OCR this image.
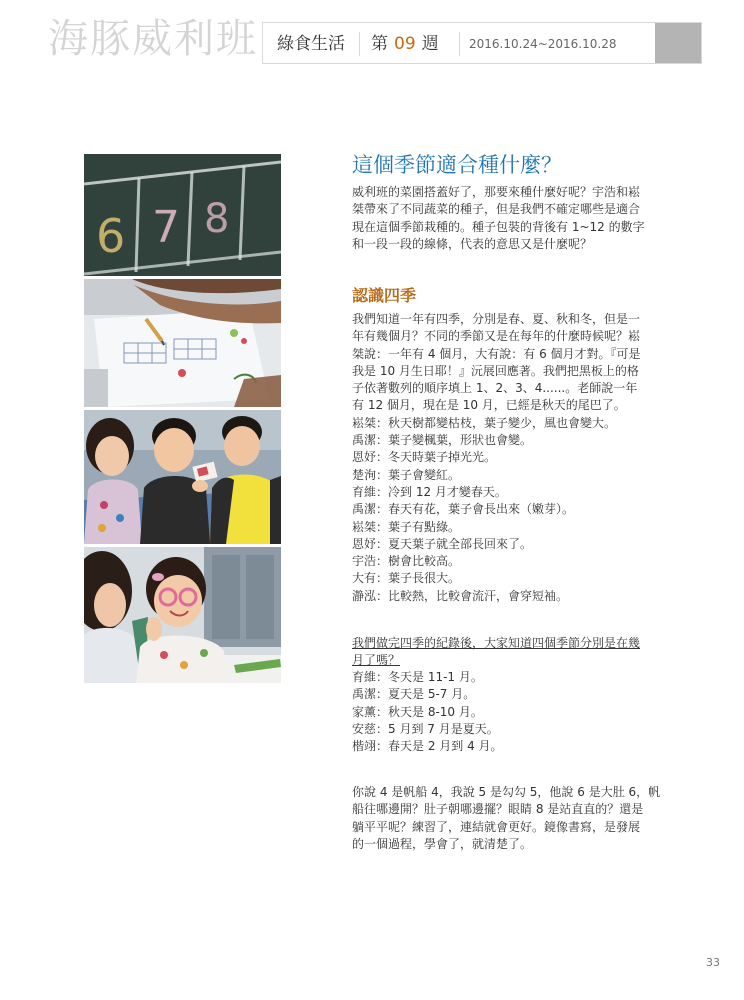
海豚威利班 綠食生活 第 09 週	2016.10.24~2016.10.28
6 7 8
這個季節適合種什麼？
威利班的菜園搭蓋好了，那要來種什麼好呢？宇浩和崧
桀帶來了不同蔬菜的種子，但是我們不確定哪些是適合
現在這個季節栽種的。種子包裝的背後有 1~12 的數字
和一段一段的線條，代表的意思又是什麼呢？
認識四季
我們知道一年有四季，分別是春、夏、秋和冬，但是一
年有幾個月？不同的季節又是在每年的什麼時候呢？崧
桀說：一年有 4 個月，大有說：有 6 個月才對。『可是
我是 10 月生日耶！』沅展回應著。我們把黑板上的格
子依著數列的順序填上 1、2、3、4......。老師說一年
有 12 個月，現在是 10 月，已經是秋天的尾巴了。
崧桀：秋天樹都變枯枝，葉子變少，風也會變大。
禹潔：葉子變楓葉，形狀也會變。
恩妤：冬天時葉子掉光光。
楚洵：葉子會變紅。
育維：冷到 12 月才變春天。
禹潔：春天有花，葉子會長出來（嫩芽）。
崧桀：葉子有點綠。
恩妤：夏天葉子就全部長回來了。
宇浩：樹會比較高。
大有：葉子長很大。
瀞泓：比較熱，比較會流汗，會穿短袖。
我們做完四季的紀錄後，大家知道四個季節分別是在幾
月了嗎？
育維：冬天是 11-1 月。
禹潔：夏天是 5-7 月。
家薰：秋天是 8-10 月。
安慈：5 月到 7 月是夏天。
楷翊：春天是 2 月到 4 月。
你說 4 是帆船 4，我說 5 是勾勾 5，他說 6 是大肚 6，帆
船往哪邊開？肚子朝哪邊擺？眼睛 8 是站直直的？還是
躺平平呢？練習了，連結就會更好。鏡像書寫，是發展
的一個過程，學會了，就清楚了。
33
